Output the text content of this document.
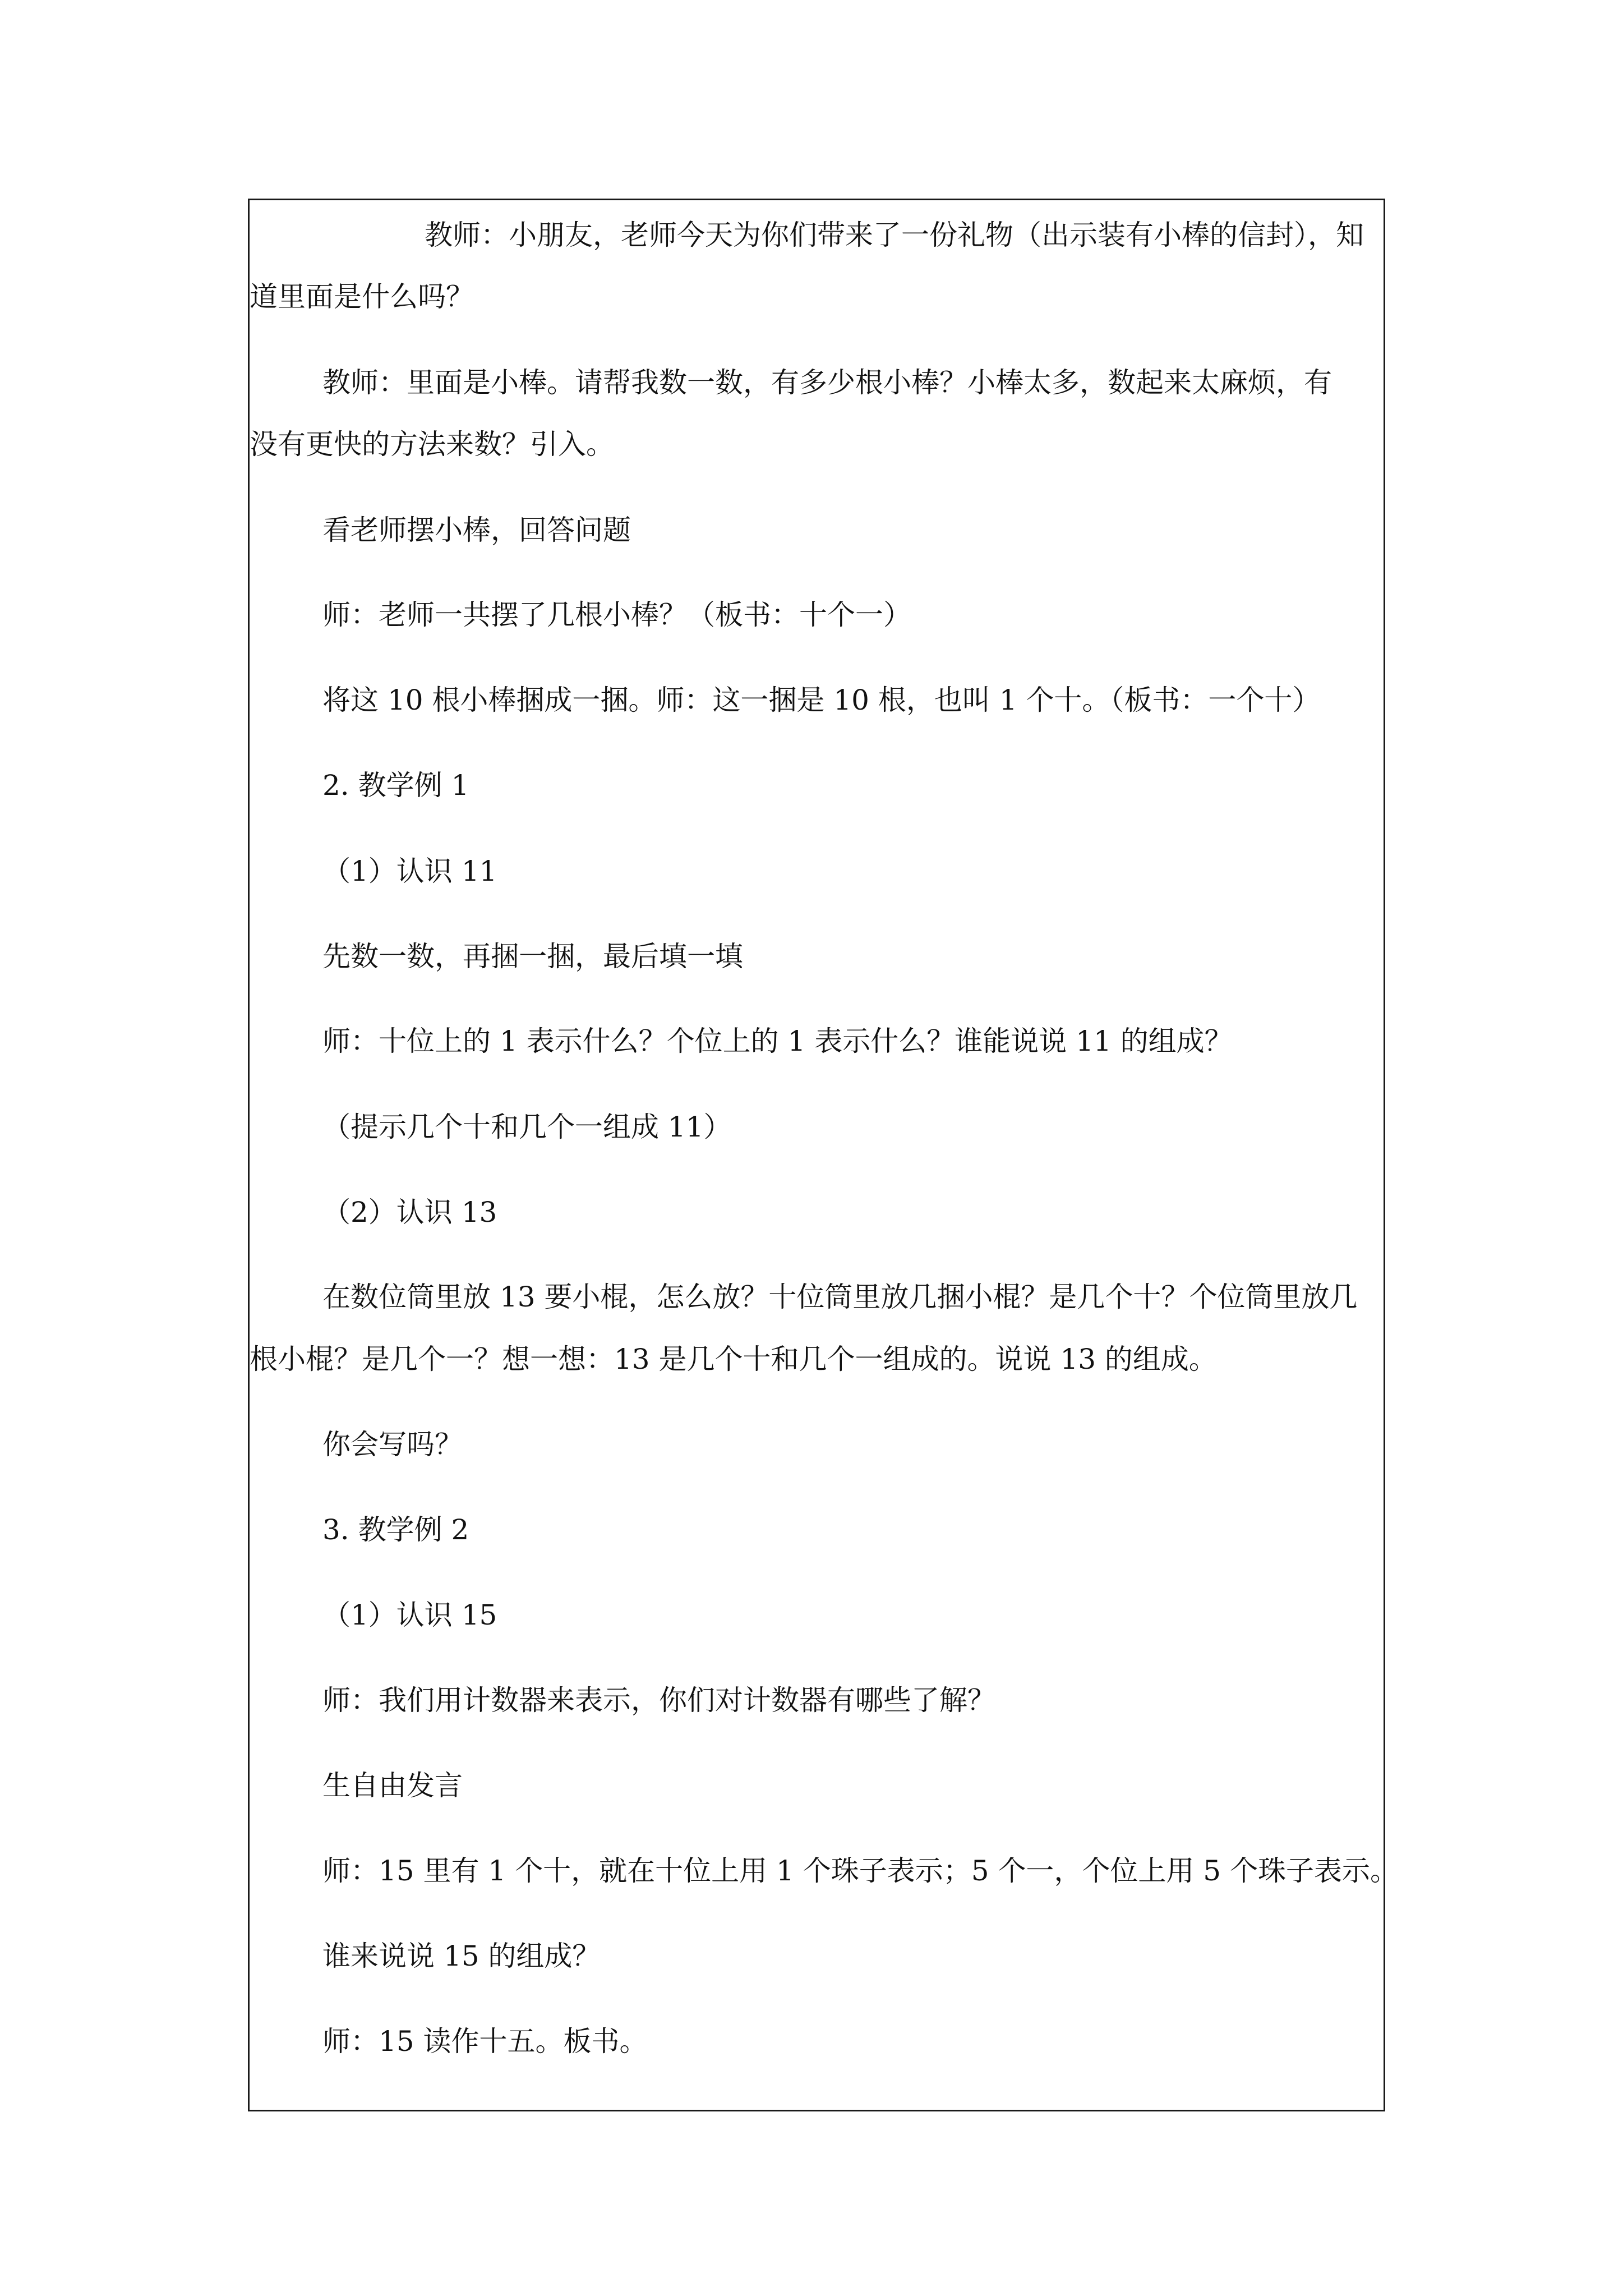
教师：小朋友，老师今天为你们带来了一份礼物（出示装有小棒的信封），知
道里面是什么吗？
教师：里面是小棒。请帮我数一数，有多少根小棒？小棒太多，数起来太麻烦，有
没有更快的方法来数？引入。
看老师摆小棒，回答问题
师：老师一共摆了几根小棒？（板书：十个一）
将这 10 根小棒捆成一捆。师：这一捆是 10 根，也叫 1 个十。（板书：一个十）
2. 教学例 1
（1）认识 11
先数一数，再捆一捆，最后填一填
师：十位上的 1 表示什么？个位上的 1 表示什么？谁能说说 11 的组成？
（提示几个十和几个一组成 11）
（2）认识 13
在数位筒里放 13 要小棍，怎么放？十位筒里放几捆小棍？是几个十？个位筒里放几
根小棍？是几个一？想一想：13 是几个十和几个一组成的。说说 13 的组成。
你会写吗？
3. 教学例 2
（1）认识 15
师：我们用计数器来表示，你们对计数器有哪些了解？
生自由发言
师：15 里有 1 个十，就在十位上用 1 个珠子表示；5 个一，个位上用 5 个珠子表示。
谁来说说 15 的组成？
师：15 读作十五。板书。
